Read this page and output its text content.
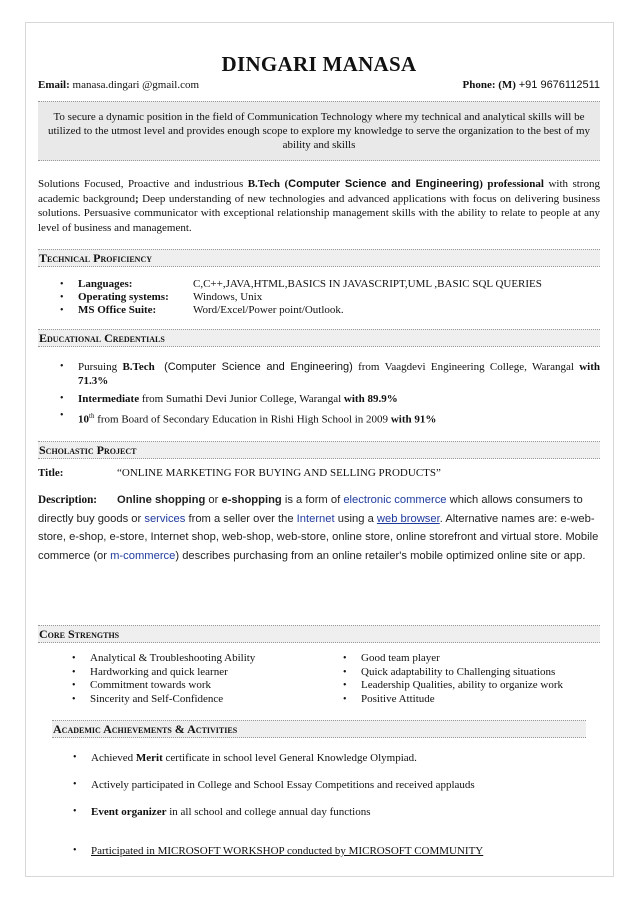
DINGARI MANASA
Email: manasa.dingari @gmail.com	Phone: (M) +91 9676112511
To secure a dynamic position in the field of Communication Technology where my technical and analytical skills will be utilized to the utmost level and provides enough scope to explore my knowledge to serve the organization to the best of my ability and skills
Solutions Focused, Proactive and industrious B.Tech (Computer Science and Engineering) professional with strong academic background; Deep understanding of new technologies and advanced applications with focus on delivering business solutions. Persuasive communicator with exceptional relationship management skills with the ability to relate to people at any level of business and management.
Technical Proficiency
• Languages:	C,C++,JAVA,HTML,BASICS IN JAVASCRIPT,UML ,BASIC SQL QUERIES
• Operating systems: Windows, Unix
• MS Office Suite:	Word/Excel/Power point/Outlook.
Educational Credentials
• Pursuing B.Tech (Computer Science and Engineering) from Vaagdevi Engineering College, Warangal with 71.3%
• Intermediate from Sumathi Devi Junior College, Warangal with 89.9%
• 10th from Board of Secondary Education in Rishi High School in 2009 with 91%
Scholastic Project
Title:	“ONLINE MARKETING FOR BUYING AND SELLING PRODUCTS”
Description: Online shopping or e-shopping is a form of electronic commerce which allows consumers to directly buy goods or services from a seller over the Internet using a web browser. Alternative names are: e-web-store, e-shop, e-store, Internet shop, web-shop, web-store, online store, online storefront and virtual store. Mobile commerce (or m-commerce) describes purchasing from an online retailer's mobile optimized online site or app.
Core Strengths
• Analytical & Troubleshooting Ability
• Hardworking and quick learner
• Commitment towards work
• Sincerity and Self-Confidence
• Good team player
• Quick adaptability to Challenging situations
• Leadership Qualities, ability to organize work
• Positive Attitude
Academic Achievements & Activities
• Achieved Merit certificate in school level General Knowledge Olympiad.
• Actively participated in College and School Essay Competitions and received applauds
• Event organizer in all school and college annual day functions
• Participated in MICROSOFT WORKSHOP conducted by MICROSOFT COMMUNITY
